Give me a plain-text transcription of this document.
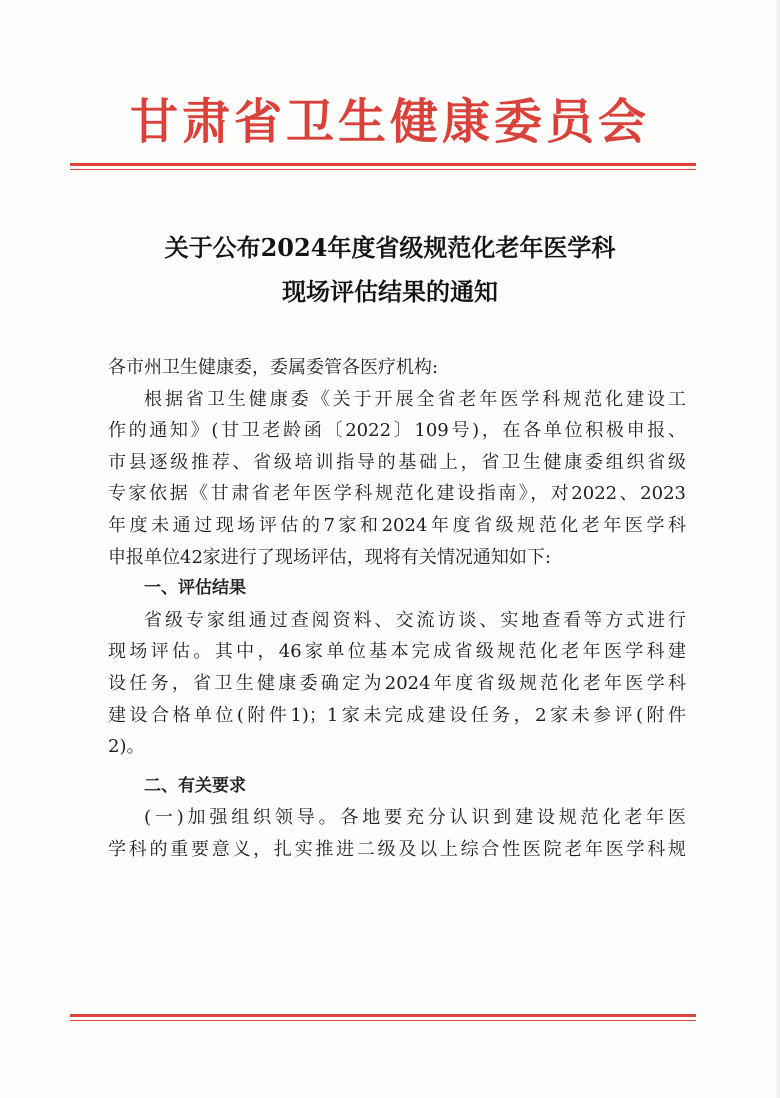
甘肃省卫生健康委员会
关于公布2024年度省级规范化老年医学科
现场评估结果的通知
各市州卫生健康委，委属委管各医疗机构:
根据省卫生健康委《关于开展全省老年医学科规范化建设工
作的通知》(甘卫老龄函〔2022〕109号)，在各单位积极申报、
市县逐级推荐、省级培训指导的基础上，省卫生健康委组织省级
专家依据《甘肃省老年医学科规范化建设指南》，对2022、2023
年度未通过现场评估的7家和2024年度省级规范化老年医学科
申报单位42家进行了现场评估，现将有关情况通知如下:
一、评估结果
省级专家组通过查阅资料、交流访谈、实地查看等方式进行
现场评估。其中，46家单位基本完成省级规范化老年医学科建
设任务，省卫生健康委确定为2024年度省级规范化老年医学科
建设合格单位(附件1)；1家未完成建设任务，2家未参评(附件
2)。
二、有关要求
(一)加强组织领导。各地要充分认识到建设规范化老年医
学科的重要意义，扎实推进二级及以上综合性医院老年医学科规
